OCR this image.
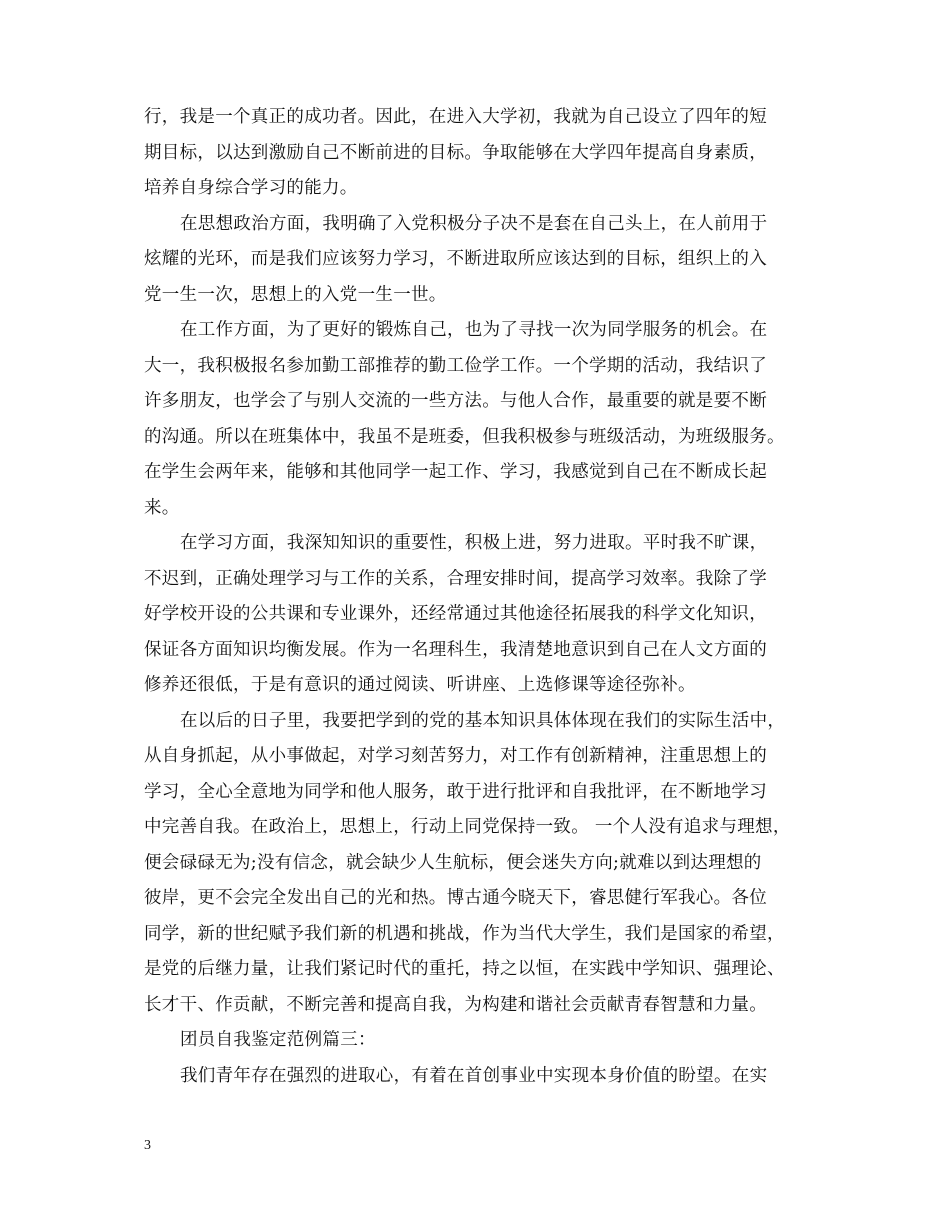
行，我是一个真正的成功者。因此，在进入大学初，我就为自己设立了四年的短
期目标，以达到激励自己不断前进的目标。争取能够在大学四年提高自身素质，
培养自身综合学习的能力。
在思想政治方面，我明确了入党积极分子决不是套在自己头上，在人前用于
炫耀的光环，而是我们应该努力学习，不断进取所应该达到的目标，组织上的入
党一生一次，思想上的入党一生一世。
在工作方面，为了更好的锻炼自己，也为了寻找一次为同学服务的机会。在
大一，我积极报名参加勤工部推荐的勤工俭学工作。一个学期的活动，我结识了
许多朋友，也学会了与别人交流的一些方法。与他人合作，最重要的就是要不断
的沟通。所以在班集体中，我虽不是班委，但我积极参与班级活动，为班级服务。
在学生会两年来，能够和其他同学一起工作、学习，我感觉到自己在不断成长起
来。
在学习方面，我深知知识的重要性，积极上进，努力进取。平时我不旷课，
不迟到，正确处理学习与工作的关系，合理安排时间，提高学习效率。我除了学
好学校开设的公共课和专业课外，还经常通过其他途径拓展我的科学文化知识，
保证各方面知识均衡发展。作为一名理科生，我清楚地意识到自己在人文方面的
修养还很低，于是有意识的通过阅读、听讲座、上选修课等途径弥补。
在以后的日子里，我要把学到的党的基本知识具体体现在我们的实际生活中，
从自身抓起，从小事做起，对学习刻苦努力，对工作有创新精神，注重思想上的
学习，全心全意地为同学和他人服务，敢于进行批评和自我批评，在不断地学习
中完善自我。在政治上，思想上，行动上同党保持一致。 一个人没有追求与理想，
便会碌碌无为;没有信念，就会缺少人生航标，便会迷失方向;就难以到达理想的
彼岸，更不会完全发出自己的光和热。博古通今晓天下，睿思健行军我心。各位
同学，新的世纪赋予我们新的机遇和挑战，作为当代大学生，我们是国家的希望，
是党的后继力量，让我们紧记时代的重托，持之以恒，在实践中学知识、强理论、
长才干、作贡献，不断完善和提高自我，为构建和谐社会贡献青春智慧和力量。
团员自我鉴定范例篇三：
我们青年存在强烈的进取心，有着在首创事业中实现本身价值的盼望。在实
3
